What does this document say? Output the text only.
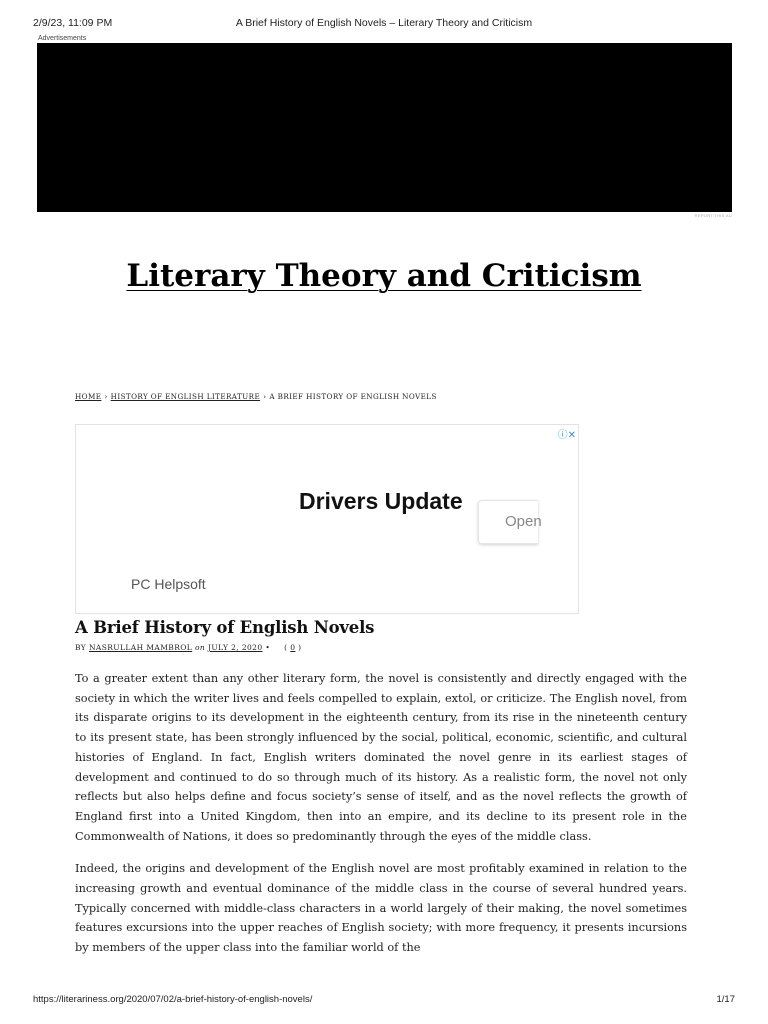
2/9/23, 11:09 PM	A Brief History of English Novels – Literary Theory and Criticism
Advertisements
REPORT THIS AD
Literary Theory and Criticism
HOME › HISTORY OF ENGLISH LITERATURE › A BRIEF HISTORY OF ENGLISH NOVELS
ⓘ✕
Drivers Update
Open
PC Helpsoft
A Brief History of English Novels
BY NASRULLAH MAMBROL on JULY 2, 2020 • ( 0 )

To a greater extent than any other literary form, the novel is consistently and directly engaged with the society in which the writer lives and feels compelled to explain, extol, or criticize. The English novel, from its disparate origins to its development in the eighteenth century, from its rise in the nineteenth century to its present state, has been strongly influenced by the social, political, economic, scientific, and cultural histories of England. In fact, English writers dominated the novel genre in its earliest stages of development and continued to do so through much of its history. As a realistic form, the novel not only reflects but also helps define and focus society’s sense of itself, and as the novel reflects the growth of England first into a United Kingdom, then into an empire, and its decline to its present role in the Commonwealth of Nations, it does so predominantly through the eyes of the middle class.

Indeed, the origins and development of the English novel are most profitably examined in relation to the increasing growth and eventual dominance of the middle class in the course of several hundred years. Typically concerned with middle-class characters in a world largely of their making, the novel sometimes features excursions into the upper reaches of English society; with more frequency, it presents incursions by members of the upper class into the familiar world of the

https://literariness.org/2020/07/02/a-brief-history-of-english-novels/	1/17
